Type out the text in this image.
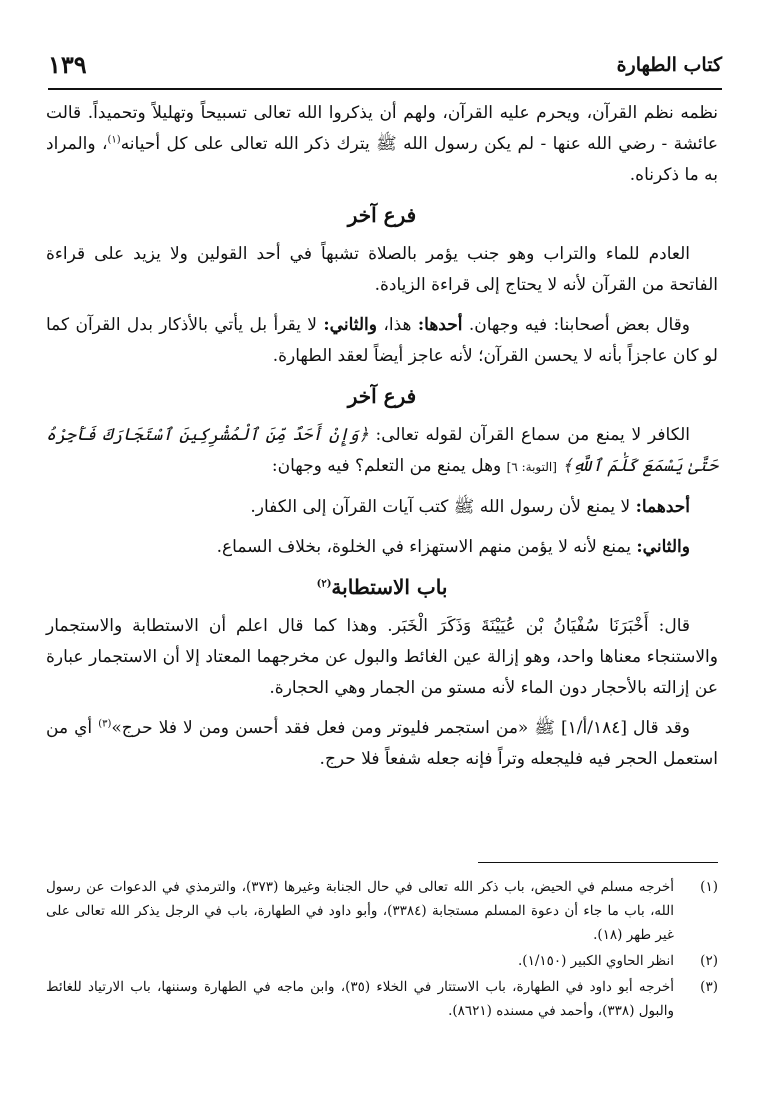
كتاب الطهارة
١٣٩

نظمه نظم القرآن، ويحرم عليه القرآن، ولهم أن يذكروا الله تعالى تسبيحاً وتهليلاً وتحميداً. قالت عائشة - رضي الله عنها - لم يكن رسول الله ﷺ يترك ذكر الله تعالى على كل أحيانه$^{(١)}$، والمراد به ما ذكرناه.

فرع آخر

العادم للماء والتراب وهو جنب يؤمر بالصلاة تشبهاً في أحد القولين ولا يزيد على قراءة الفاتحة من القرآن لأنه لا يحتاج إلى قراءة الزيادة.

وقال بعض أصحابنا: فيه وجهان. أحدها: هذا، والثاني: لا يقرأ بل يأتي بالأذكار بدل القرآن كما لو كان عاجزاً بأنه لا يحسن القرآن؛ لأنه عاجز أيضاً لعقد الطهارة.

فرع آخر

الكافر لا يمنع من سماع القرآن لقوله تعالى: ﴿وَإِنْ أَحَدٌ مِّنَ ٱلْمُشْرِكِينَ ٱسْتَجَارَكَ فَأَجِرْهُ حَتَّىٰ يَسْمَعَ كَلَٰمَ ٱللَّهِ﴾ [التوبة: ٦] وهل يمنع من التعلم؟ فيه وجهان:

أحدهما: لا يمنع لأن رسول الله ﷺ كتب آيات القرآن إلى الكفار.

والثاني: يمنع لأنه لا يؤمن منهم الاستهزاء في الخلوة، بخلاف السماع.

باب الاستطابة$^{(٢)}$

قال: أَخْبَرَنَا سُفْيَانُ بْن عُيَيْنَةَ وَذَكَرَ الْخَبَر. وهذا كما قال اعلم أن الاستطابة والاستجمار والاستنجاء معناها واحد، وهو إزالة عين الغائط والبول عن مخرجهما المعتاد إلا أن الاستجمار عبارة عن إزالته بالأحجار دون الماء لأنه مستو من الجمار وهي الحجارة.

وقد قال [١٨٤/أ/١] ﷺ «من استجمر فليوتر ومن فعل فقد أحسن ومن لا فلا حرج»$^{(٣)}$ أي من استعمل الحجر فيه فليجعله وتراً فإنه جعله شفعاً فلا حرج.

(١)
أخرجه مسلم في الحيض، باب ذكر الله تعالى في حال الجنابة وغيرها (٣٧٣)، والترمذي في الدعوات عن رسول الله، باب ما جاء أن دعوة المسلم مستجابة (٣٣٨٤)، وأبو داود في الطهارة، باب في الرجل يذكر الله تعالى على غير طهر (١٨).
(٢)
انظر الحاوي الكبير (١/١٥٠).
(٣)
أخرجه أبو داود في الطهارة، باب الاستتار في الخلاء (٣٥)، وابن ماجه في الطهارة وسننها، باب الارتياد للغائط والبول (٣٣٨)، وأحمد في مسنده (٨٦٢١).
